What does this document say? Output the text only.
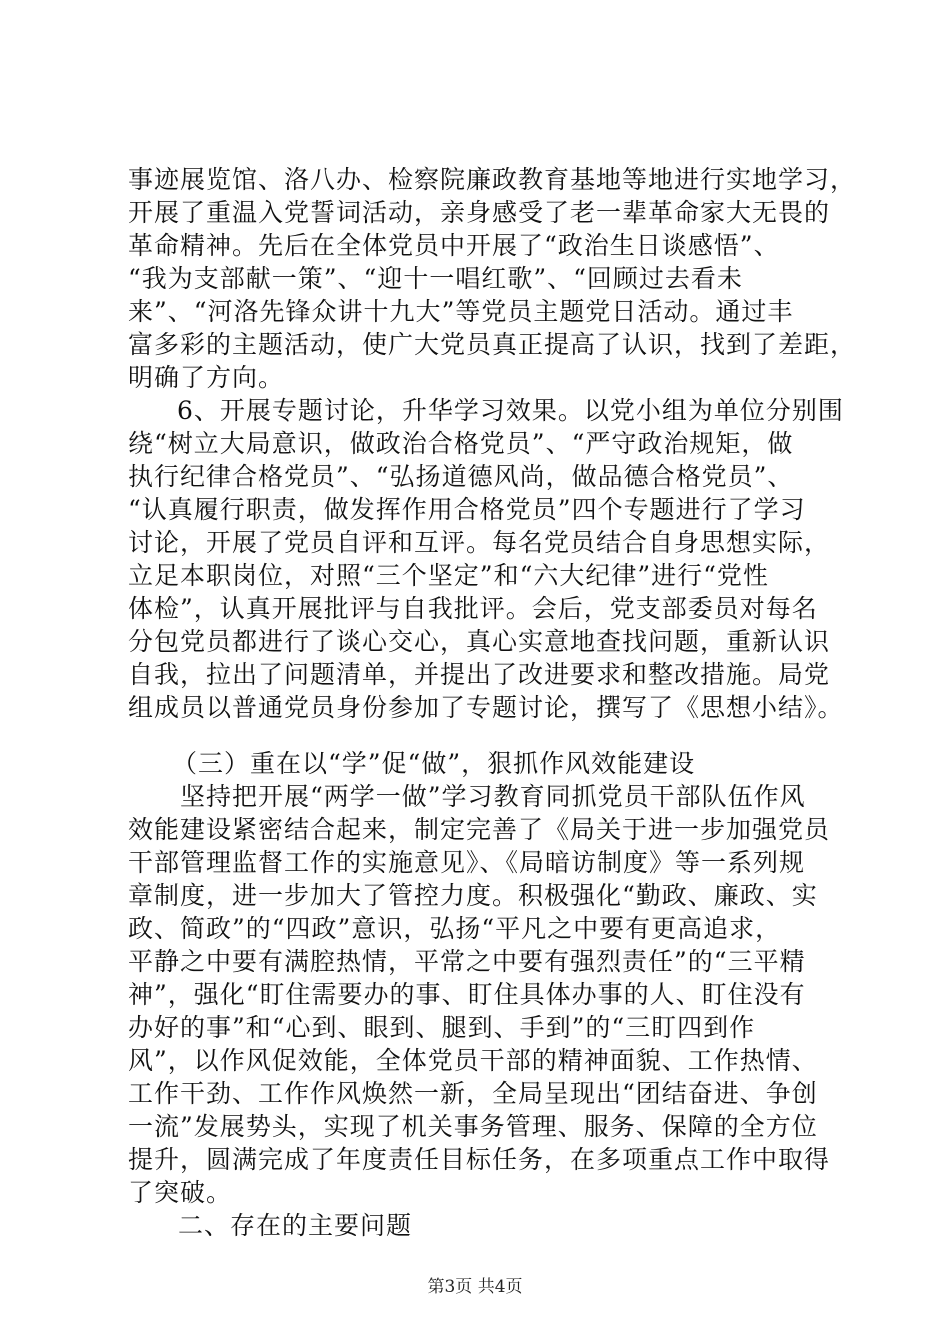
事迹展览馆、洛八办、检察院廉政教育基地等地进行实地学习，

开展了重温入党誓词活动，亲身感受了老一辈革命家大无畏的

革命精神。先后在全体党员中开展了“政治生日谈感悟”、

“我为支部献一策”、“迎十一唱红歌”、“回顾过去看未

来”、“河洛先锋众讲十九大”等党员主题党日活动。通过丰

富多彩的主题活动，使广大党员真正提高了认识，找到了差距，

明确了方向。

6、开展专题讨论，升华学习效果。以党小组为单位分别围

绕“树立大局意识，做政治合格党员”、“严守政治规矩，做

执行纪律合格党员”、“弘扬道德风尚，做品德合格党员”、

“认真履行职责，做发挥作用合格党员”四个专题进行了学习

讨论，开展了党员自评和互评。每名党员结合自身思想实际，

立足本职岗位，对照“三个坚定”和“六大纪律”进行“党性

体检”，认真开展批评与自我批评。会后，党支部委员对每名

分包党员都进行了谈心交心，真心实意地查找问题，重新认识

自我，拉出了问题清单，并提出了改进要求和整改措施。局党

组成员以普通党员身份参加了专题讨论，撰写了《思想小结》。

（三）重在以“学”促“做”，狠抓作风效能建设

坚持把开展“两学一做”学习教育同抓党员干部队伍作风

效能建设紧密结合起来，制定完善了《局关于进一步加强党员

干部管理监督工作的实施意见》、《局暗访制度》等一系列规

章制度，进一步加大了管控力度。积极强化“勤政、廉政、实

政、简政”的“四政”意识，弘扬“平凡之中要有更高追求，

平静之中要有满腔热情，平常之中要有强烈责任”的“三平精

神”，强化“盯住需要办的事、盯住具体办事的人、盯住没有

办好的事”和“心到、眼到、腿到、手到”的“三盯四到作

风”，以作风促效能，全体党员干部的精神面貌、工作热情、

工作干劲、工作作风焕然一新，全局呈现出“团结奋进、争创

一流”发展势头，实现了机关事务管理、服务、保障的全方位

提升，圆满完成了年度责任目标任务，在多项重点工作中取得

了突破。

二、存在的主要问题

第3页 共4页
